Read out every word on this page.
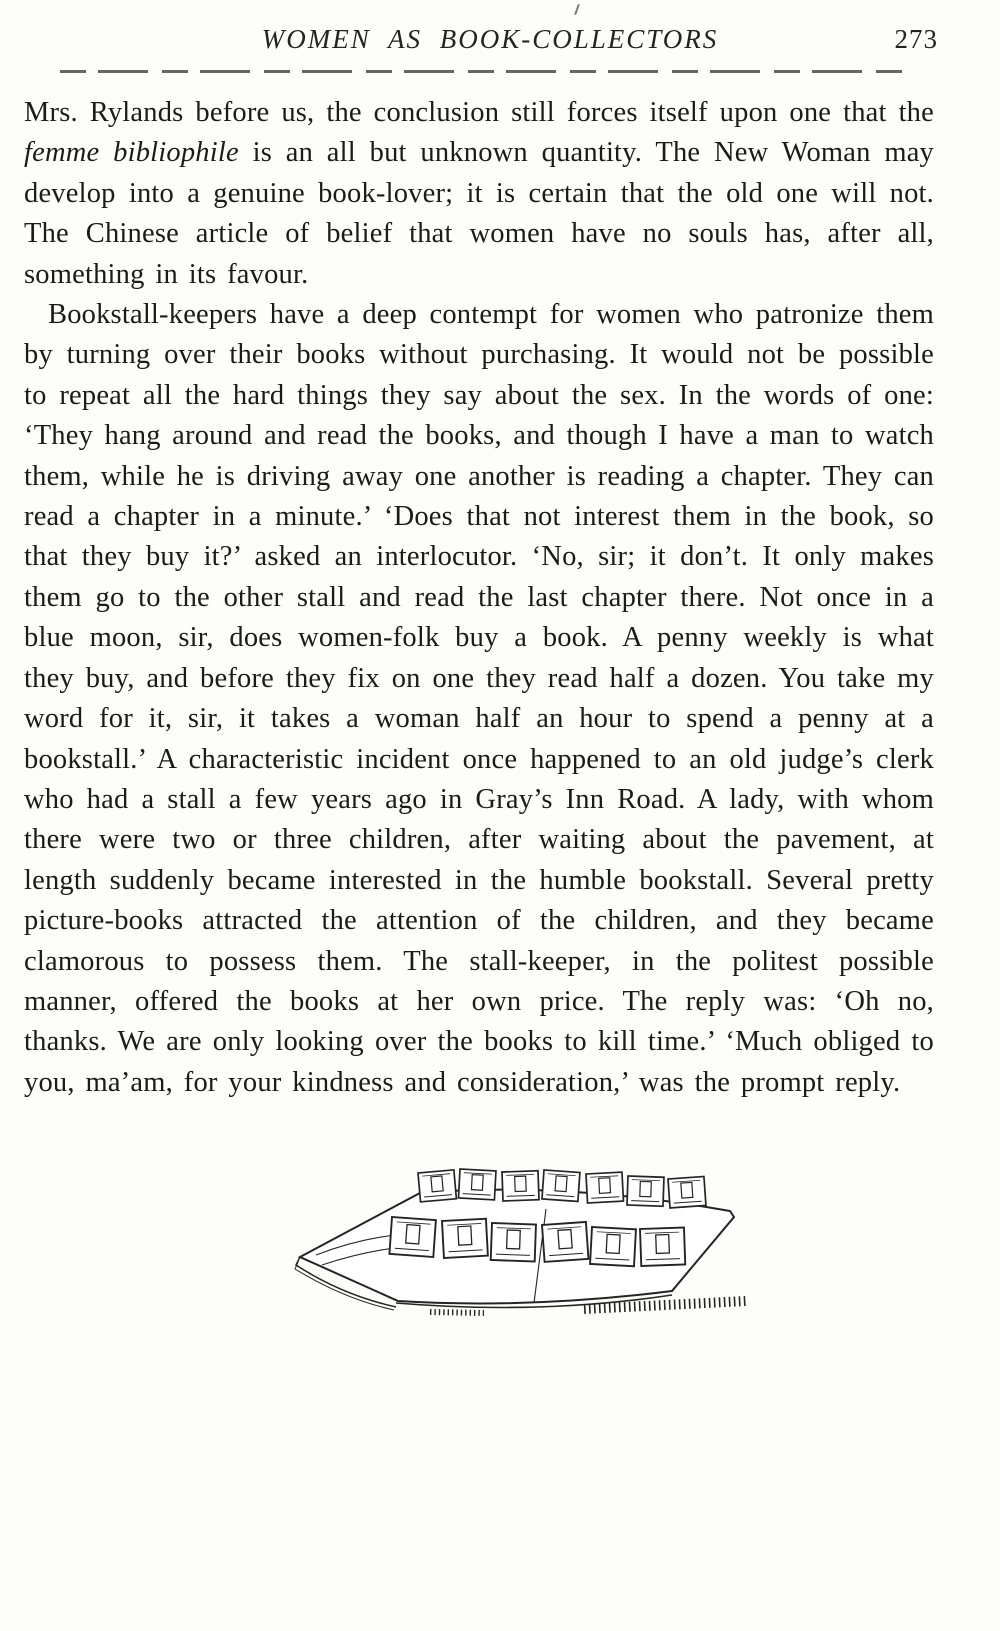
WOMEN AS BOOK-COLLECTORS	273

Mrs. Rylands before us, the conclusion still forces itself upon one that the femme bibliophile is an all but unknown quantity. The New Woman may develop into a genuine book-lover; it is certain that the old one will not. The Chinese article of belief that women have no souls has, after all, something in its favour.

Bookstall-keepers have a deep contempt for women who patronize them by turning over their books without purchasing. It would not be possible to repeat all the hard things they say about the sex. In the words of one: ‘They hang around and read the books, and though I have a man to watch them, while he is driving away one another is reading a chapter. They can read a chapter in a minute.’ ‘Does that not interest them in the book, so that they buy it?’ asked an interlocutor. ‘No, sir; it don’t. It only makes them go to the other stall and read the last chapter there. Not once in a blue moon, sir, does women-folk buy a book. A penny weekly is what they buy, and before they fix on one they read half a dozen. You take my word for it, sir, it takes a woman half an hour to spend a penny at a bookstall.’ A characteristic incident once happened to an old judge’s clerk who had a stall a few years ago in Gray’s Inn Road. A lady, with whom there were two or three children, after waiting about the pavement, at length suddenly became interested in the humble bookstall. Several pretty picture-books attracted the attention of the children, and they became clamorous to possess them. The stall-keeper, in the politest possible manner, offered the books at her own price. The reply was: ‘Oh no, thanks. We are only looking over the books to kill time.’ ‘Much obliged to you, ma’am, for your kindness and consideration,’ was the prompt reply.
